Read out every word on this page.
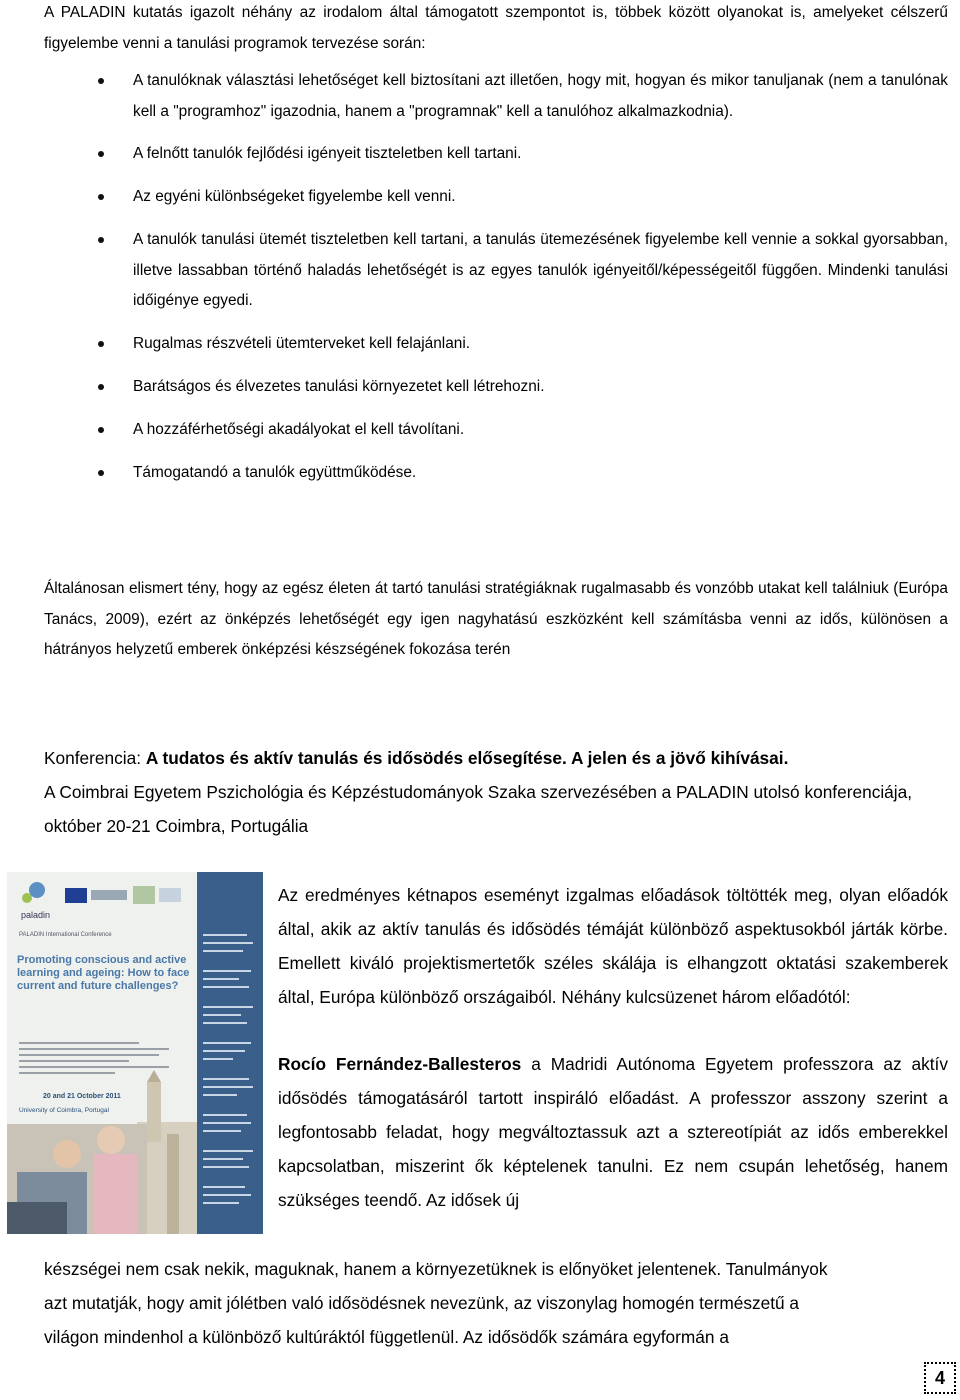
A PALADIN kutatás igazolt néhány az irodalom által támogatott szempontot is, többek között olyanokat is, amelyeket célszerű figyelembe venni a tanulási programok tervezése során:
A tanulóknak választási lehetőséget kell biztosítani azt illetően, hogy mit, hogyan és mikor tanuljanak (nem a tanulónak kell a "programhoz" igazodnia, hanem a "programnak" kell a tanulóhoz alkalmazkodnia).
A felnőtt tanulók fejlődési igényeit tiszteletben kell tartani.
Az egyéni különbségeket figyelembe kell venni.
A tanulók tanulási ütemét tiszteletben kell tartani, a tanulás ütemezésének figyelembe kell vennie a sokkal gyorsabban, illetve lassabban történő haladás lehetőségét is az egyes tanulók igényeitől/képességeitől függően. Mindenki tanulási időigénye egyedi.
Rugalmas részvételi ütemterveket kell felajánlani.
Barátságos és élvezetes tanulási környezetet kell létrehozni.
A hozzáférhetőségi akadályokat el kell távolítani.
Támogatandó a tanulók együttműködése.
Általánosan elismert tény, hogy az egész életen át tartó tanulási stratégiáknak rugalmasabb és vonzóbb utakat kell találniuk (Európa Tanács, 2009), ezért az önképzés lehetőségét egy igen nagyhatású eszközként kell számításba venni az idős, különösen a hátrányos helyzetű emberek önképzési készségének fokozása terén
Konferencia: A tudatos és aktív tanulás és idősödés elősegítése. A jelen és a jövő kihívásai.
A Coimbrai Egyetem Pszichológia és Képzéstudományok Szaka szervezésében a PALADIN utolsó konferenciája, október 20-21 Coimbra, Portugália
paladin
PALADIN International Conference
Promoting conscious and active learning and ageing: How to face current and future challenges?
20 and 21 October 2011
University of Coimbra, Portugal

Az eredményes kétnapos eseményt izgalmas előadások töltötték meg, olyan előadók által, akik az aktív tanulás és idősödés témáját különböző aspektusokból járták körbe. Emellett kiváló projektismertetők széles skálája is elhangzott oktatási szakemberek által, Európa különböző országaiból. Néhány kulcsüzenet három előadótól:

Rocío Fernández-Ballesteros a Madridi Autónoma Egyetem professzora az aktív idősödés támogatásáról tartott inspiráló előadást. A professzor asszony szerint a legfontosabb feladat, hogy megváltoztassuk azt a sztereotípiát az idős emberekkel kapcsolatban, miszerint ők képtelenek tanulni. Ez nem csupán lehetőség, hanem szükséges teendő. Az idősek új

készségei nem csak nekik, maguknak, hanem a környezetüknek is előnyöket jelentenek. Tanulmányok
azt mutatják, hogy amit jólétben való idősödésnek nevezünk, az viszonylag homogén természetű a
világon mindenhol a különböző kultúráktól függetlenül. Az idősödők számára egyformán a
4
